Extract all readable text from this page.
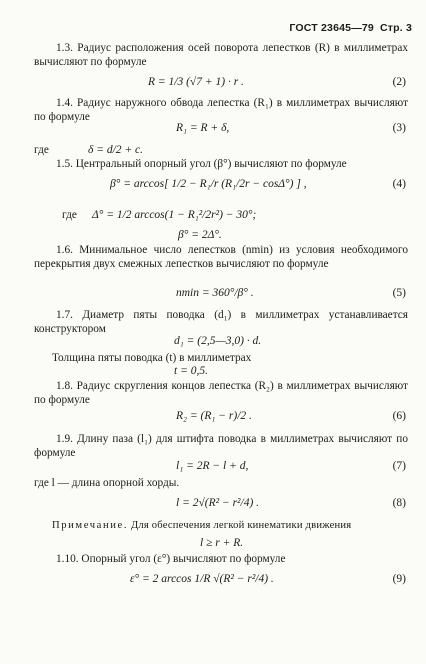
ГОСТ 23645—79 Стр. 3
1.3. Радиус расположения осей поворота лепестков (R) в миллиметрах вычисляют по формуле
R = 1/3 (√7 + 1) · r .	(2)
1.4. Радиус наружного обвода лепестка (R₁) в миллиметрах вычисляют по формуле
R₁ = R + δ,	(3)
где	δ = d/2 + c.
1.5. Центральный опорный угол (β°) вычисляют по формуле
β° = arccos[ 1/2 − R₁/r (R₁/2r − cosΔ°) ] ,	(4)
где Δ° = 1/2 arccos(1 − R₁²/2r²) − 30°;
β° = 2Δ°.
1.6. Минимальное число лепестков (nmin) из условия необходимого перекрытия двух смежных лепестков вычисляют по формуле
nmin = 360°/β° .	(5)
1.7. Диаметр пяты поводка (d₁) в миллиметрах устанавливается конструктором
d₁ = (2,5—3,0) · d.
Толщина пяты поводка (t) в миллиметрах
t = 0,5.
1.8. Радиус скругления концов лепестка (R₂) в миллиметрах вычисляют по формуле
R₂ = (R₁ − r)/2 .	(6)
1.9. Длину паза (l₁) для штифта поводка в миллиметрах вычисляют по формуле
l₁ = 2R − l + d,	(7)
где l — длина опорной хорды.
l = 2√(R² − r²/4) .	(8)
Примечание. Для обеспечения легкой кинематики движения
l ≥ r + R.
1.10. Опорный угол (ε°) вычисляют по формуле
ε° = 2 arccos 1/R √(R² − r²/4) .	(9)
